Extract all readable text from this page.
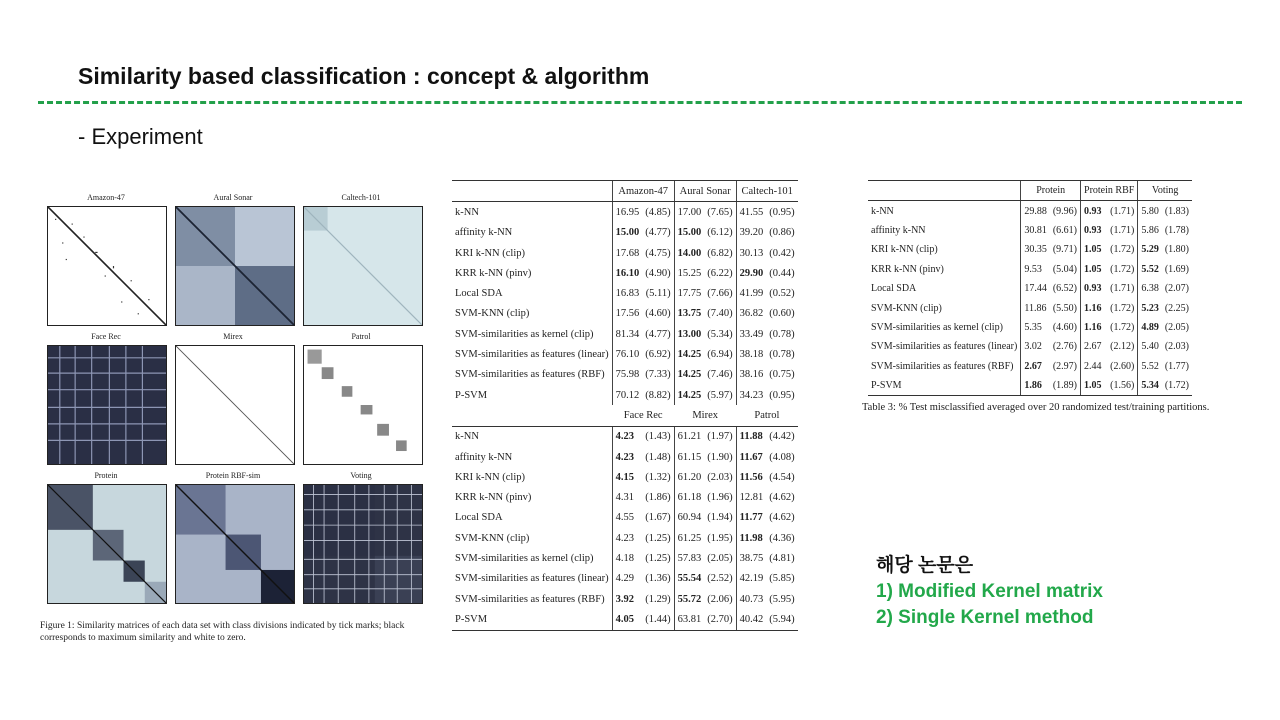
Similarity based classification : concept & algorithm
- Experiment
Amazon-47	Aural Sonar	Caltech-101
Face Rec	Mirex	Patrol
Protein	Protein RBF-sim	Voting
Figure 1: Similarity matrices of each data set with class divisions indicated by tick marks; black corresponds to maximum similarity and white to zero.
	Amazon-47		Aural Sonar		Caltech-101	
k-NN	16.95	(4.85)	17.00	(7.65)	41.55	(0.95)
affinity k-NN	15.00	(4.77)	15.00	(6.12)	39.20	(0.86)
KRI k-NN (clip)	17.68	(4.75)	14.00	(6.82)	30.13	(0.42)
KRR k-NN (pinv)	16.10	(4.90)	15.25	(6.22)	29.90	(0.44)
Local SDA	16.83	(5.11)	17.75	(7.66)	41.99	(0.52)
SVM-KNN (clip)	17.56	(4.60)	13.75	(7.40)	36.82	(0.60)
SVM-similarities as kernel (clip)	81.34	(4.77)	13.00	(5.34)	33.49	(0.78)
SVM-similarities as features (linear)	76.10	(6.92)	14.25	(6.94)	38.18	(0.78)
SVM-similarities as features (RBF)	75.98	(7.33)	14.25	(7.46)	38.16	(0.75)
P-SVM	70.12	(8.82)	14.25	(5.97)	34.23	(0.95)
	Face Rec		Mirex		Patrol	
k-NN	4.23	(1.43)	61.21	(1.97)	11.88	(4.42)
affinity k-NN	4.23	(1.48)	61.15	(1.90)	11.67	(4.08)
KRI k-NN (clip)	4.15	(1.32)	61.20	(2.03)	11.56	(4.54)
KRR k-NN (pinv)	4.31	(1.86)	61.18	(1.96)	12.81	(4.62)
Local SDA	4.55	(1.67)	60.94	(1.94)	11.77	(4.62)
SVM-KNN (clip)	4.23	(1.25)	61.25	(1.95)	11.98	(4.36)
SVM-similarities as kernel (clip)	4.18	(1.25)	57.83	(2.05)	38.75	(4.81)
SVM-similarities as features (linear)	4.29	(1.36)	55.54	(2.52)	42.19	(5.85)
SVM-similarities as features (RBF)	3.92	(1.29)	55.72	(2.06)	40.73	(5.95)
P-SVM	4.05	(1.44)	63.81	(2.70)	40.42	(5.94)
	Protein		Protein RBF		Voting	
k-NN	29.88	(9.96)	0.93	(1.71)	5.80	(1.83)
affinity k-NN	30.81	(6.61)	0.93	(1.71)	5.86	(1.78)
KRI k-NN (clip)	30.35	(9.71)	1.05	(1.72)	5.29	(1.80)
KRR k-NN (pinv)	9.53	(5.04)	1.05	(1.72)	5.52	(1.69)
Local SDA	17.44	(6.52)	0.93	(1.71)	6.38	(2.07)
SVM-KNN (clip)	11.86	(5.50)	1.16	(1.72)	5.23	(2.25)
SVM-similarities as kernel (clip)	5.35	(4.60)	1.16	(1.72)	4.89	(2.05)
SVM-similarities as features (linear)	3.02	(2.76)	2.67	(2.12)	5.40	(2.03)
SVM-similarities as features (RBF)	2.67	(2.97)	2.44	(2.60)	5.52	(1.77)
P-SVM	1.86	(1.89)	1.05	(1.56)	5.34	(1.72)
Table 3: % Test misclassified averaged over 20 randomized test/training partitions.
해당 논문은
1) Modified Kernel matrix
2) Single Kernel method
